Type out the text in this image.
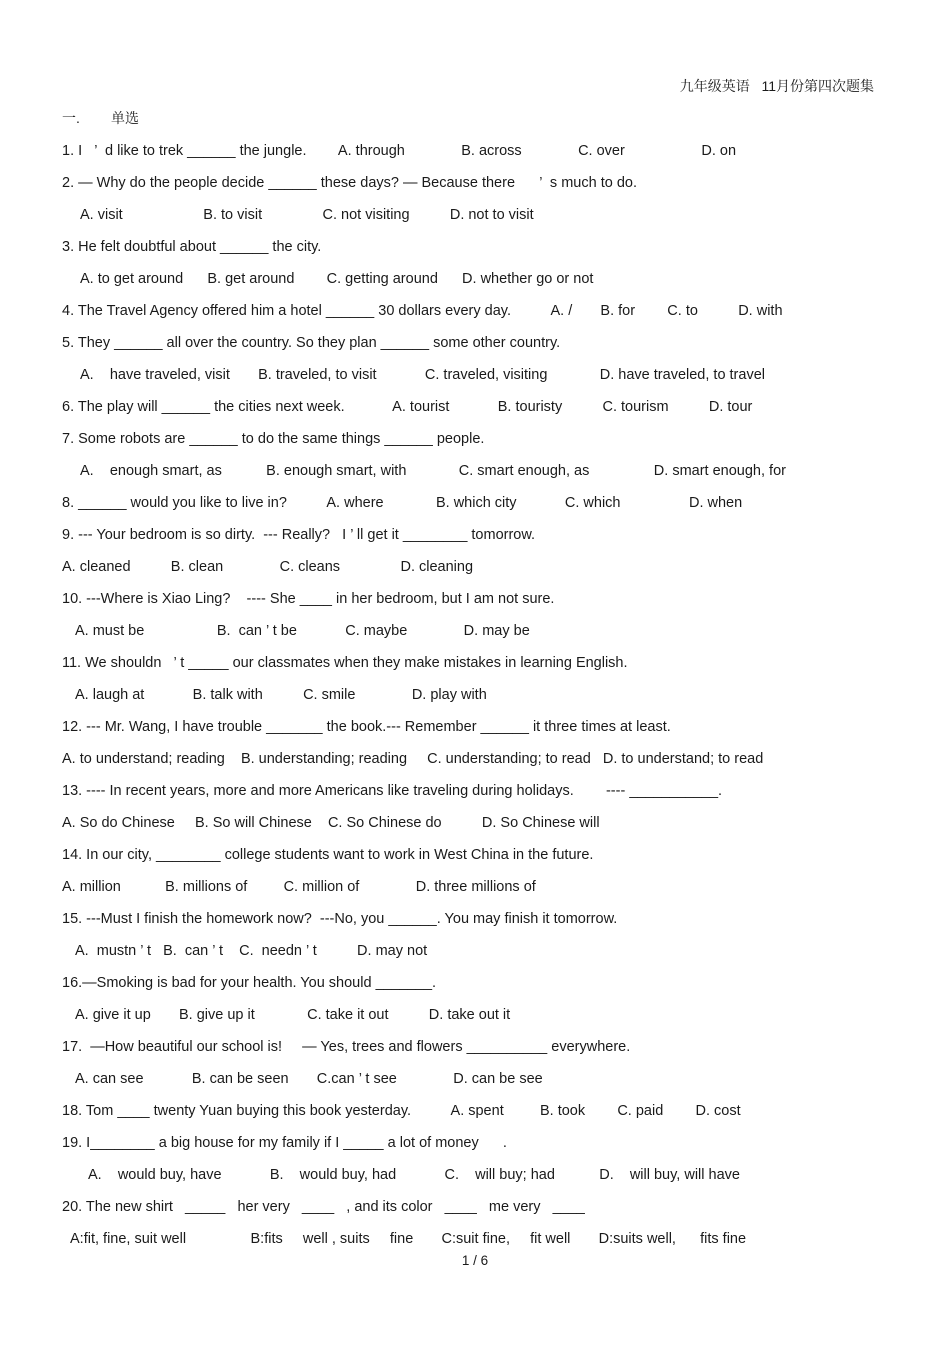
九年级英语   11月份第四次题集
一.        单选
1. I   ’  d like to trek ______ the jungle.        A. through              B. across              C. over                   D. on
2. — Why do the people decide ______ these days? — Because there      ’  s much to do.
A. visit                    B. to visit               C. not visiting          D. not to visit
3. He felt doubtful about ______ the city.
A. to get around      B. get around        C. getting around      D. whether go or not
4. The Travel Agency offered him a hotel ______ 30 dollars every day.          A. /       B. for        C. to          D. with
5. They ______ all over the country. So they plan ______ some other country.
A.    have traveled, visit       B. traveled, to visit            C. traveled, visiting             D. have traveled, to travel
6. The play will ______ the cities next week.            A. tourist            B. touristy          C. tourism          D. tour
7. Some robots are ______ to do the same things ______ people.
A.    enough smart, as           B. enough smart, with             C. smart enough, as                D. smart enough, for
8. ______ would you like to live in?          A. where             B. which city            C. which                 D. when
9. --- Your bedroom is so dirty.  --- Really?   I ’ ll get it ________ tomorrow.
A. cleaned          B. clean              C. cleans               D. cleaning
10. ---Where is Xiao Ling?    ---- She ____ in her bedroom, but I am not sure.
A. must be                  B.  can ’ t be            C. maybe              D. may be
11. We shouldn   ’ t _____ our classmates when they make mistakes in learning English.
A. laugh at            B. talk with          C. smile              D. play with
12. --- Mr. Wang, I have trouble _______ the book.--- Remember ______ it three times at least.
A. to understand; reading    B. understanding; reading     C. understanding; to read   D. to understand; to read
13. ---- In recent years, more and more Americans like traveling during holidays.        ---- ___________.
A. So do Chinese     B. So will Chinese    C. So Chinese do          D. So Chinese will
14. In our city, ________ college students want to work in West China in the future.
A. million           B. millions of         C. million of              D. three millions of
15. ---Must I finish the homework now?  ---No, you ______. You may finish it tomorrow.
A.  mustn ’ t   B.  can ’ t    C.  needn ’ t          D. may not
16.—Smoking is bad for your health. You should _______.
A. give it up       B. give up it             C. take it out          D. take out it
17.  —How beautiful our school is!     — Yes, trees and flowers __________ everywhere.
A. can see            B. can be seen       C.can ’ t see              D. can be see
18. Tom ____ twenty Yuan buying this book yesterday.          A. spent         B. took        C. paid        D. cost
19. I________ a big house for my family if I _____ a lot of money      .
A.    would buy, have            B.    would buy, had            C.    will buy; had           D.    will buy, will have
20. The new shirt   _____   her very   ____   , and its color   ____   me very   ____
A:fit, fine, suit well                B:fits     well , suits     fine       C:suit fine,     fit well       D:suits well,      fits fine
1 / 6
